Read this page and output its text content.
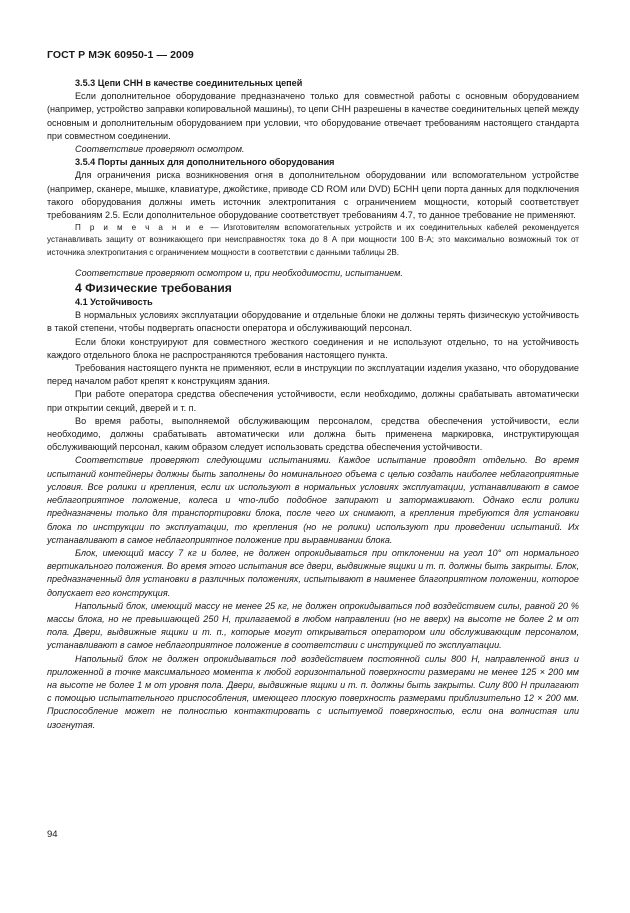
ГОСТ Р МЭК 60950-1 — 2009

3.5.3 Цепи СНН в качестве соединительных цепей

Если дополнительное оборудование предназначено только для совместной работы с основным оборудованием (например, устройство заправки копировальной машины), то цепи СНН разрешены в качестве соединительных цепей между основным и дополнительным оборудованием при условии, что оборудование отвечает требованиям настоящего стандарта при совместном соединении.

Соответствие проверяют осмотром.

3.5.4 Порты данных для дополнительного оборудования

Для ограничения риска возникновения огня в дополнительном оборудовании или вспомогательном устройстве (например, сканере, мышке, клавиатуре, джойстике, приводе CD ROM или DVD) БСНН цепи порта данных для подключения такого оборудования должны иметь источник электропитания с ограничением мощности, который соответствует требованиям 2.5. Если дополнительное оборудование соответствует требованиям 4.7, то данное требование не применяют.

П р и м е ч а н и е — Изготовителям вспомогательных устройств и их соединительных кабелей рекомендуется устанавливать защиту от возникающего при неисправностях тока до 8 А при мощности 100 В·А; это максимально возможный ток от источника электропитания с ограничением мощности в соответствии с данными таблицы 2В.

Соответствие проверяют осмотром и, при необходимости, испытанием.

4 Физические требования

4.1 Устойчивость

В нормальных условиях эксплуатации оборудование и отдельные блоки не должны терять физическую устойчивость в такой степени, чтобы подвергать опасности оператора и обслуживающий персонал.

Если блоки конструируют для совместного жесткого соединения и не используют отдельно, то на устойчивость каждого отдельного блока не распространяются требования настоящего пункта.

Требования настоящего пункта не применяют, если в инструкции по эксплуатации изделия указано, что оборудование перед началом работ крепят к конструкциям здания.

При работе оператора средства обеспечения устойчивости, если необходимо, должны срабатывать автоматически при открытии секций, дверей и т. п.

Во время работы, выполняемой обслуживающим персоналом, средства обеспечения устойчивости, если необходимо, должны срабатывать автоматически или должна быть применена маркировка, инструктирующая обслуживающий персонал, каким образом следует использовать средства обеспечения устойчивости.

Соответствие проверяют следующими испытаниями. Каждое испытание проводят отдельно. Во время испытаний контейнеры должны быть заполнены до номинального объема с целью создать наиболее неблагоприятные условия. Все ролики и крепления, если их используют в нормальных условиях эксплуатации, устанавливают в самое неблагоприятное положение, колеса и что-либо подобное запирают и затормаживают. Однако если ролики предназначены только для транспортировки блока, после чего их снимают, а крепления требуются для установки блока по инструкции по эксплуатации, то крепления (но не ролики) используют при проведении испытаний. Их устанавливают в самое неблагоприятное положение при выравнивании блока.

Блок, имеющий массу 7 кг и более, не должен опрокидываться при отклонении на угол 10° от нормального вертикального положения. Во время этого испытания все двери, выдвижные ящики и т. п. должны быть закрыты. Блок, предназначенный для установки в различных положениях, испытывают в наименее благоприятном положении, которое допускает его конструкция.

Напольный блок, имеющий массу не менее 25 кг, не должен опрокидываться под воздействием силы, равной 20 % массы блока, но не превышающей 250 Н, прилагаемой в любом направлении (но не вверх) на высоте не более 2 м от пола. Двери, выдвижные ящики и т. п., которые могут открываться оператором или обслуживающим персоналом, устанавливают в самое неблагоприятное положение в соответствии с инструкцией по эксплуатации.

Напольный блок не должен опрокидываться под воздействием постоянной силы 800 Н, направленной вниз и приложенной в точке максимального момента к любой горизонтальной поверхности размерами не менее 125 × 200 мм на высоте не более 1 м от уровня пола. Двери, выдвижные ящики и т. п. должны быть закрыты. Силу 800 Н прилагают с помощью испытательного приспособления, имеющего плоскую поверхность размерами приблизительно 12 × 200 мм. Приспособление может не полностью контактировать с испытуемой поверхностью, если она волнистая или изогнутая.

94
